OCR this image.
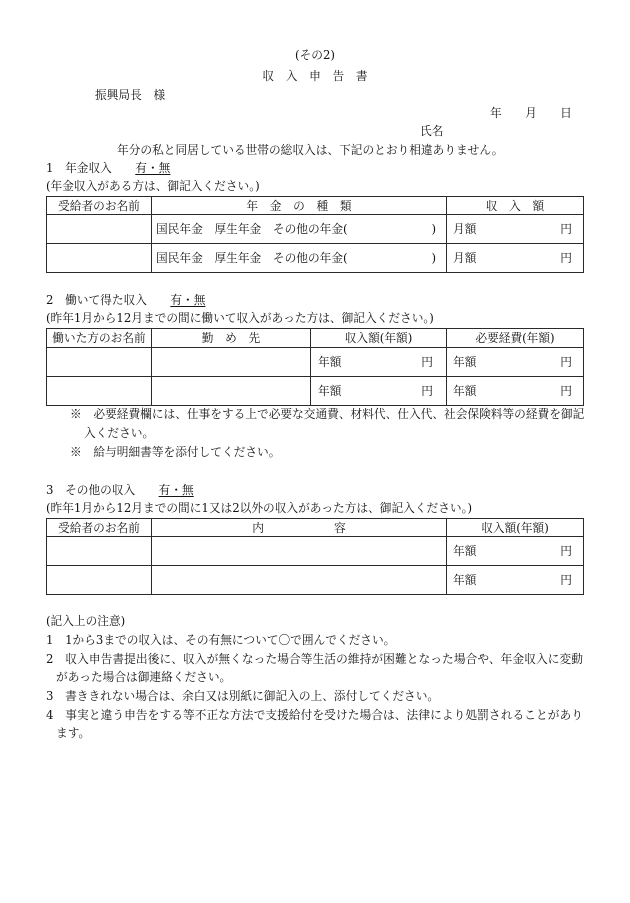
(その2)
収　入　申　告　書
振興局長　様
年　　月　　日
氏名
年分の私と同居している世帯の総収入は、下記のとおり相違ありません。
1　年金収入 有・無
(年金収入がある方は、御記入ください。)
受給者のお名前	年　金　の　種　類	収　入　額

	国民年金　厚生年金　その他の年金( )	月額 円

	国民年金　厚生年金　その他の年金( )	月額 円
2　働いて得た収入 有・無
(昨年1月から12月までの間に働いて収入があった方は、御記入ください。)
働いた方のお名前	勤　め　先	収入額(年額)	必要経費(年額)

		年額 円	年額 円

		年額 円	年額 円
※　必要経費欄には、仕事をする上で必要な交通費、材料代、仕入代、社会保険料等の経費を御記
入ください。
※　給与明細書等を添付してください。
3　その他の収入 有・無
(昨年1月から12月までの間に1又は2以外の収入があった方は、御記入ください。)
受給者のお名前	内　　　　　　容	収入額(年額)

		年額 円

		年額 円
(記入上の注意)
1　1から3までの収入は、その有無について〇で囲んでください。
2　収入申告書提出後に、収入が無くなった場合等生活の維持が困難となった場合や、年金収入に変動
があった場合は御連絡ください。
3　書ききれない場合は、余白又は別紙に御記入の上、添付してください。
4　事実と違う申告をする等不正な方法で支援給付を受けた場合は、法律により処罰されることがあり
ます。
